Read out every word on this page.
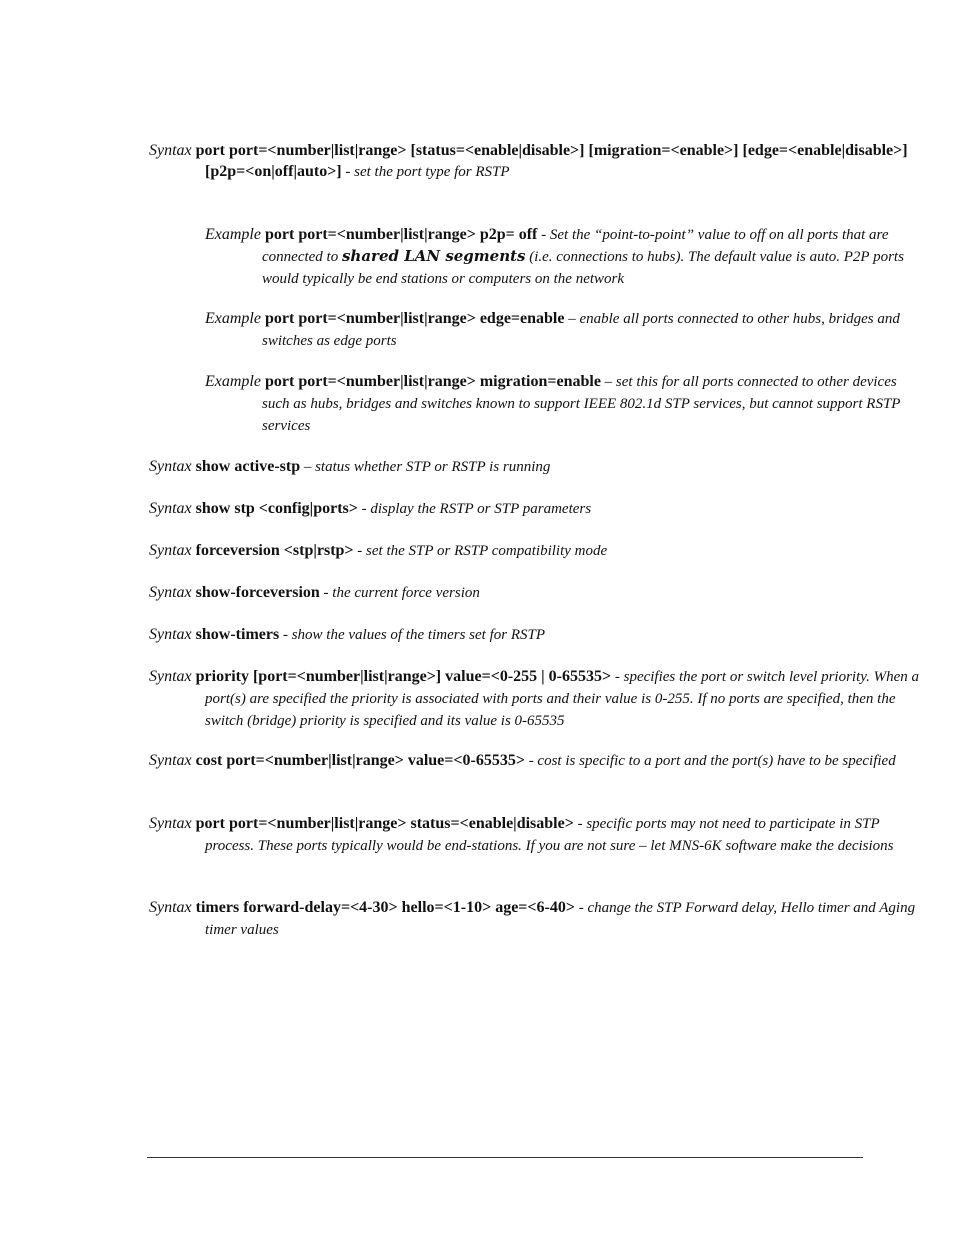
Syntax port port=<number|list|range> [status=<enable|disable>] [migration=<enable>] [edge=<enable|disable>] [p2p=<on|off|auto>] - set the port type for RSTP
Example port port=<number|list|range> p2p= off - Set the “point-to-point” value to off on all ports that are connected to shared LAN segments (i.e. connections to hubs). The default value is auto. P2P ports would typically be end stations or computers on the network
Example port port=<number|list|range> edge=enable – enable all ports connected to other hubs, bridges and switches as edge ports
Example port port=<number|list|range> migration=enable – set this for all ports connected to other devices such as hubs, bridges and switches known to support IEEE 802.1d STP services, but cannot support RSTP services
Syntax show active-stp – status whether STP or RSTP is running
Syntax show stp <config|ports> - display the RSTP or STP parameters
Syntax forceversion <stp|rstp> - set the STP or RSTP compatibility mode
Syntax show-forceversion - the current force version
Syntax show-timers - show the values of the timers set for RSTP
Syntax priority [port=<number|list|range>] value=<0-255 | 0-65535> - specifies the port or switch level priority. When a port(s) are specified the priority is associated with ports and their value is 0-255. If no ports are specified, then the switch (bridge) priority is specified and its value is 0-65535
Syntax cost port=<number|list|range> value=<0-65535> - cost is specific to a port and the port(s) have to be specified
Syntax port port=<number|list|range> status=<enable|disable> - specific ports may not need to participate in STP process. These ports typically would be end-stations. If you are not sure – let MNS-6K software make the decisions
Syntax timers forward-delay=<4-30> hello=<1-10> age=<6-40> - change the STP Forward delay, Hello timer and Aging timer values
